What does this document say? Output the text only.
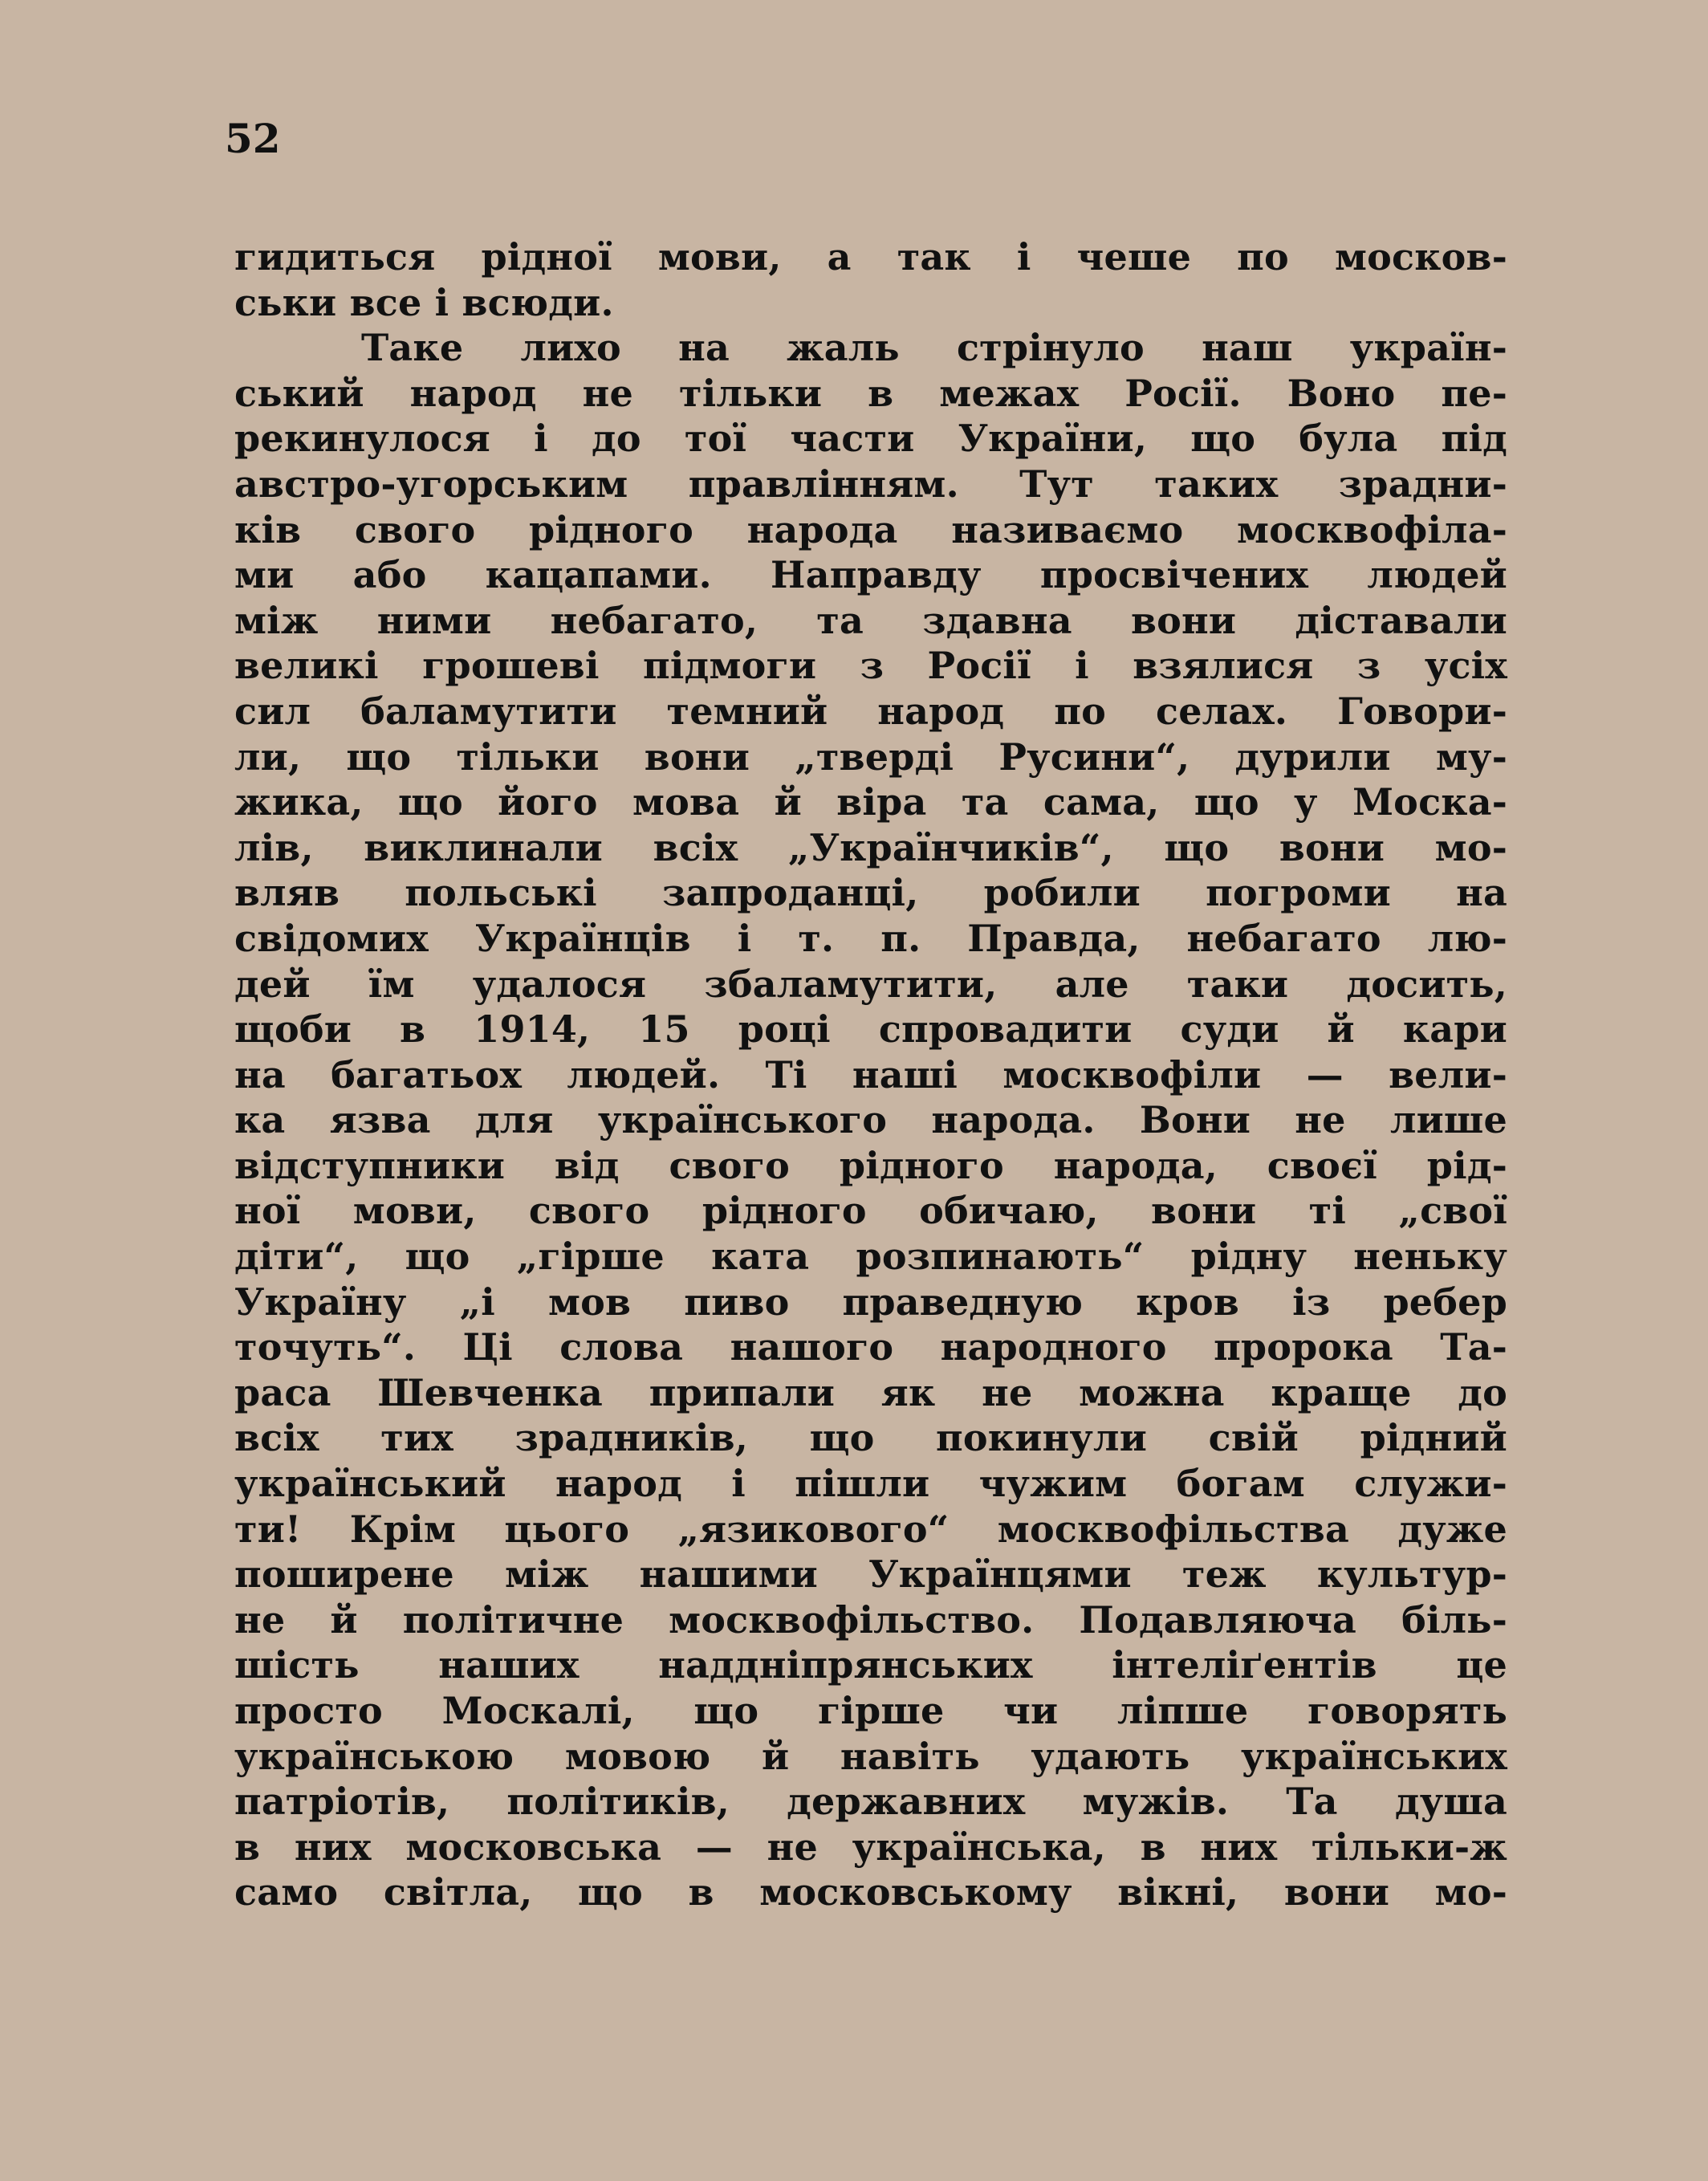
52
гидиться рідної мови, а так і чеше по москов-
ськи все і всюди.
Таке лихо на жаль стрінуло наш україн-
ський народ не тільки в межах Росії. Воно пе-
рекинулося і до тої части України, що була під
австро-угорським правлінням. Тут таких зрадни-
ків свого рідного народа називаємо москвофіла-
ми або кацапами. Направду просвічених людей
між ними небагато, та здавна вони діставали
великі грошеві підмоги з Росії і взялися з усіх
сил баламутити темний народ по селах. Говори-
ли, що тільки вони „тверді Русини“, дурили му-
жика, що його мова й віра та сама, що у Моска-
лів, виклинали всіх „Українчиків“, що вони мо-
вляв польські запроданці, робили погроми на
свідомих Українців і т. п. Правда, небагато лю-
дей їм удалося збаламутити, але таки досить,
щоби в 1914, 15 році спровадити суди й кари
на багатьох людей. Ті наші москвофіли — вели-
ка язва для українського народа. Вони не лише
відступники від свого рідного народа, своєї рід-
ної мови, свого рідного обичаю, вони ті „свої
діти“, що „гірше ката розпинають“ рідну неньку
Україну „і мов пиво праведную кров із ребер
точуть“. Ці слова нашого народного пророка Та-
раса Шевченка припали як не можна краще до
всіх тих зрадників, що покинули свій рідний
український народ і пішли чужим богам служи-
ти! Крім цього „язикового“ москвофільства дуже
поширене між нашими Українцями теж культур-
не й політичне москвофільство. Подавляюча біль-
шість наших наддніпрянських інтеліґентів це
просто Москалі, що гірше чи ліпше говорять
українською мовою й навіть удають українських
патріотів, політиків, державних мужів. Та душа
в них московська — не українська, в них тільки-ж
само світла, що в московському вікні, вони мо-
